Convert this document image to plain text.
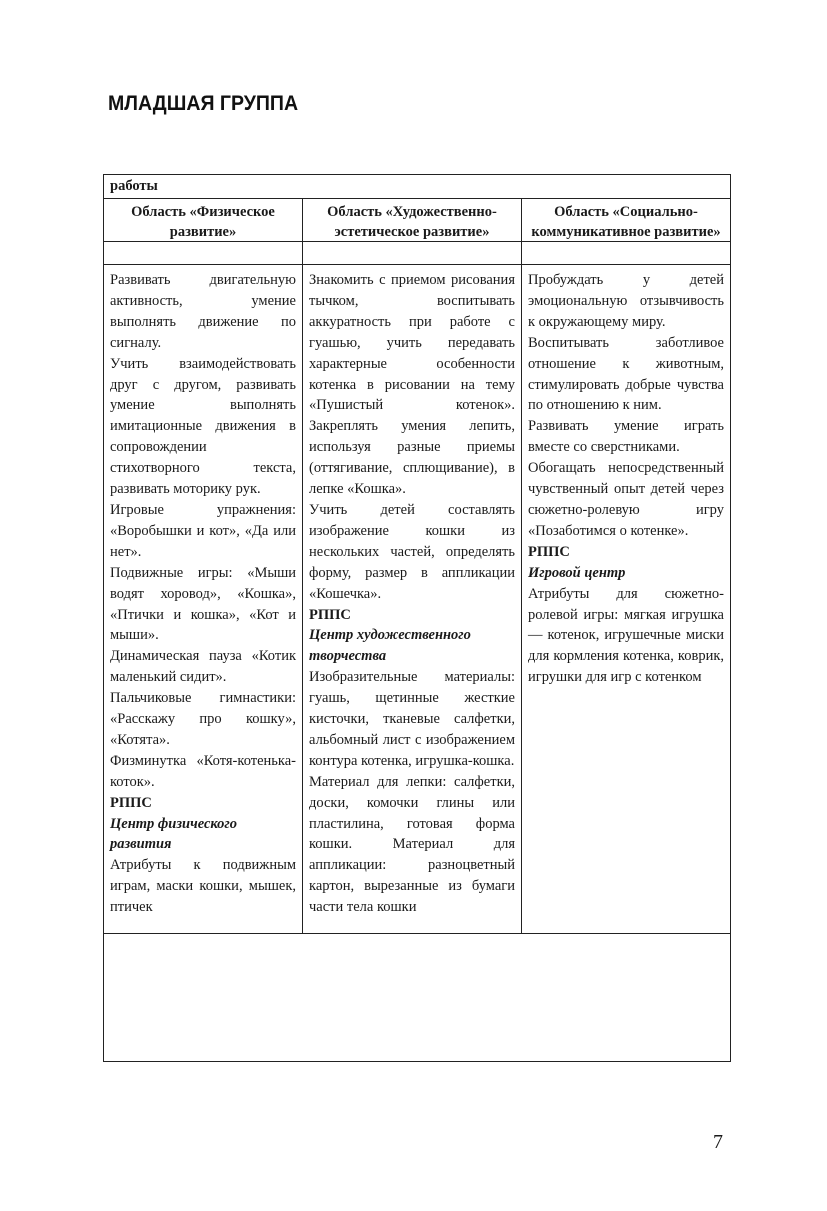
МЛАДШАЯ ГРУППА
работы
Область «Физическое развитие»
Область «Художественно-эстетическое развитие»
Область «Социально-коммуникативное развитие»

Развивать двигательную активность, умение выполнять движение по сигналу.

Учить взаимодействовать друг с другом, развивать умение выполнять имитационные движения в сопровождении стихотворного текста, развивать моторику рук.

Игровые упражнения: «Воробышки и кот», «Да или нет».

Подвижные игры: «Мыши водят хоровод», «Кошка», «Птички и кошка», «Кот и мыши».

Динамическая пауза «Котик маленький сидит».

Пальчиковые гимнастики: «Расскажу про кошку», «Котята».

Физминутка «Котя-котенька-коток».

РППС

Центр физического развития

Атрибуты к подвижным играм, маски кошки, мышек, птичек

Знакомить с приемом рисования тычком, воспитывать аккуратность при работе с гуашью, учить передавать характерные особенности котенка в рисовании на тему «Пушистый котенок». Закреплять умения лепить, используя разные приемы (оттягивание, сплющивание), в лепке «Кошка».

Учить детей составлять изображение кошки из нескольких частей, определять форму, размер в аппликации «Кошечка».

РППС

Центр художественного творчества

Изобразительные материалы: гуашь, щетинные жесткие кисточки, тканевые салфетки, альбомный лист с изображением контура котенка, игрушка-кошка.

Материал для лепки: салфетки, доски, комочки глины или пластилина, готовая форма кошки. Материал для аппликации: разноцветный картон, вырезанные из бумаги части тела кошки

Пробуждать у детей эмоциональную отзывчивость к окружающему миру.

Воспитывать заботливое отношение к животным, стимулировать добрые чувства по отношению к ним.

Развивать умение играть вместе со сверстниками.

Обогащать непосредственный чувственный опыт детей через сюжетно-ролевую игру «Позаботимся о котенке».

РППС

Игровой центр

Атрибуты для сюжетно-ролевой игры: мягкая игрушка — котенок, игрушечные миски для кормления котенка, коврик, игрушки для игр с котенком

7
